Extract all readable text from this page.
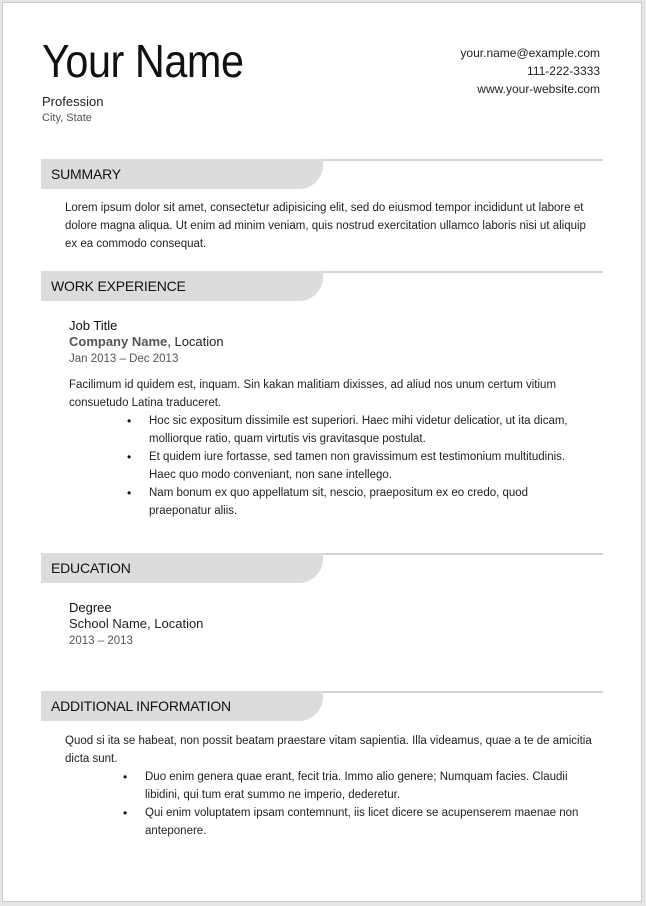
Your Name
Profession
City, State
your.name@example.com
111-222-3333
www.your-website.com
SUMMARY
Lorem ipsum dolor sit amet, consectetur adipisicing elit, sed do eiusmod tempor incididunt ut labore et dolore magna aliqua. Ut enim ad minim veniam, quis nostrud exercitation ullamco laboris nisi ut aliquip ex ea commodo consequat.
WORK EXPERIENCE
Job Title
Company Name, Location
Jan 2013 – Dec 2013
Facilimum id quidem est, inquam. Sin kakan malitiam dixisses, ad aliud nos unum certum vitium consuetudo Latina traduceret.
• Hoc sic expositum dissimile est superiori. Haec mihi videtur delicatior, ut ita dicam, molliorque ratio, quam virtutis vis gravitasque postulat.
• Et quidem iure fortasse, sed tamen non gravissimum est testimonium multitudinis. Haec quo modo conveniant, non sane intellego.
• Nam bonum ex quo appellatum sit, nescio, praepositum ex eo credo, quod praeponatur aliis.
EDUCATION
Degree
School Name, Location
2013 – 2013
ADDITIONAL INFORMATION
Quod si ita se habeat, non possit beatam praestare vitam sapientia. Illa videamus, quae a te de amicitia dicta sunt.
• Duo enim genera quae erant, fecit tria. Immo alio genere; Numquam facies. Claudii libidini, qui tum erat summo ne imperio, dederetur.
• Qui enim voluptatem ipsam contemnunt, iis licet dicere se acupenserem maenae non anteponere.
